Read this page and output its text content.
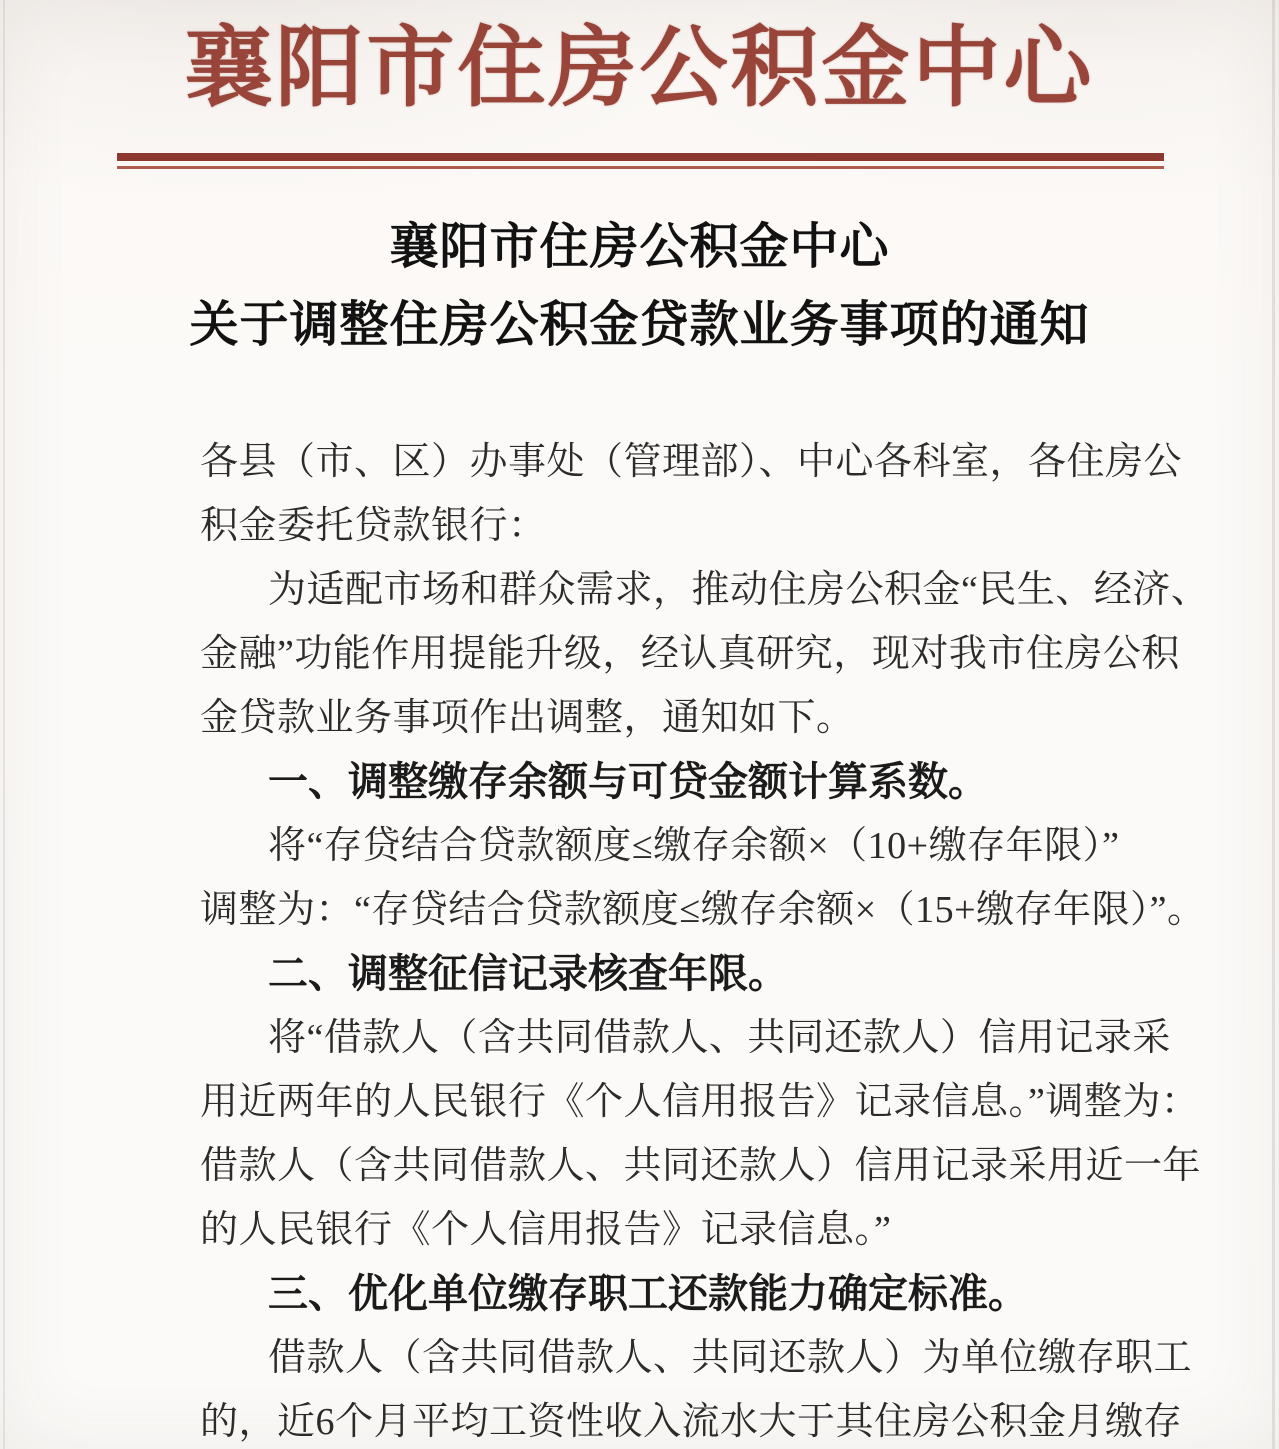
襄阳市住房公积金中心
襄阳市住房公积金中心
关于调整住房公积金贷款业务事项的通知
各县（市、区）办事处（管理部）、中心各科室，各住房公
积金委托贷款银行：
为适配市场和群众需求，推动住房公积金“民生、经济、
金融”功能作用提能升级，经认真研究，现对我市住房公积
金贷款业务事项作出调整，通知如下。
一、调整缴存余额与可贷金额计算系数。
将“存贷结合贷款额度≤缴存余额×（10+缴存年限）”
调整为：“存贷结合贷款额度≤缴存余额×（15+缴存年限）”。
二、调整征信记录核查年限。
将“借款人（含共同借款人、共同还款人）信用记录采
用近两年的人民银行《个人信用报告》记录信息。”调整为：
借款人（含共同借款人、共同还款人）信用记录采用近一年
的人民银行《个人信用报告》记录信息。”
三、优化单位缴存职工还款能力确定标准。
借款人（含共同借款人、共同还款人）为单位缴存职工
的，近6个月平均工资性收入流水大于其住房公积金月缴存
